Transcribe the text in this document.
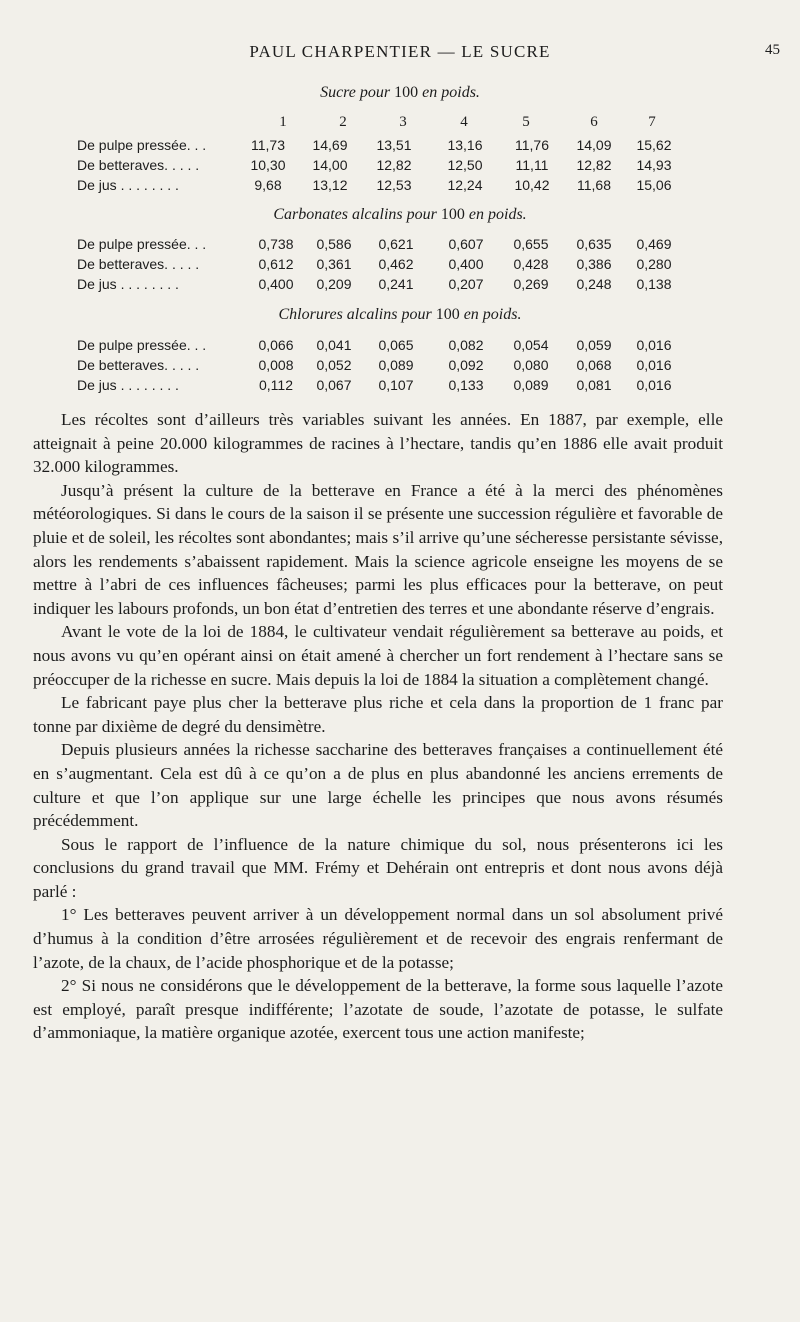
PAUL CHARPENTIER — LE SUCRE	45
Sucre pour 100 en poids.
1	2	3	4	5	6	7
De pulpe pressée. . .	11,73	14,69	13,51	13,16	11,76	14,09	15,62
De betteraves. . . . .	10,30	14,00	12,82	12,50	11,11	12,82	14,93
De jus . . . . . . . .	9,68	13,12	12,53	12,24	10,42	11,68	15,06
Carbonates alcalins pour 100 en poids.
De pulpe pressée. . .	0,738	0,586	0,621	0,607	0,655	0,635	0,469
De betteraves. . . . .	0,612	0,361	0,462	0,400	0,428	0,386	0,280
De jus . . . . . . . .	0,400	0,209	0,241	0,207	0,269	0,248	0,138
Chlorures alcalins pour 100 en poids.
De pulpe pressée. . .	0,066	0,041	0,065	0,082	0,054	0,059	0,016
De betteraves. . . . .	0,008	0,052	0,089	0,092	0,080	0,068	0,016
De jus . . . . . . . .	0,112	0,067	0,107	0,133	0,089	0,081	0,016

Les récoltes sont d’ailleurs très variables suivant les années. En 1887, par exemple, elle atteignait à peine 20.000 kilogrammes de racines à l’hectare, tandis qu’en 1886 elle avait produit 32.000 kilogrammes.

Jusqu’à présent la culture de la betterave en France a été à la merci des phénomènes météorologiques. Si dans le cours de la saison il se présente une succession régulière et favorable de pluie et de soleil, les récoltes sont abondantes; mais s’il arrive qu’une sécheresse persistante sévisse, alors les rendements s’abaissent rapidement. Mais la science agricole enseigne les moyens de se mettre à l’abri de ces influences fâcheuses; parmi les plus efficaces pour la betterave, on peut indiquer les labours profonds, un bon état d’entretien des terres et une abondante réserve d’engrais.

Avant le vote de la loi de 1884, le cultivateur vendait régulièrement sa betterave au poids, et nous avons vu qu’en opérant ainsi on était amené à chercher un fort rendement à l’hectare sans se préoccuper de la richesse en sucre. Mais depuis la loi de 1884 la situation a complètement changé.

Le fabricant paye plus cher la betterave plus riche et cela dans la proportion de 1 franc par tonne par dixième de degré du densimètre.

Depuis plusieurs années la richesse saccharine des betteraves françaises a continuellement été en s’augmentant. Cela est dû à ce qu’on a de plus en plus abandonné les anciens errements de culture et que l’on applique sur une large échelle les principes que nous avons résumés précédemment.

Sous le rapport de l’influence de la nature chimique du sol, nous présenterons ici les conclusions du grand travail que MM. Frémy et Dehérain ont entrepris et dont nous avons déjà parlé :

1° Les betteraves peuvent arriver à un développement normal dans un sol absolument privé d’humus à la condition d’être arrosées régulièrement et de recevoir des engrais renfermant de l’azote, de la chaux, de l’acide phosphorique et de la potasse;

2° Si nous ne considérons que le développement de la betterave, la forme sous laquelle l’azote est employé, paraît presque indifférente; l’azotate de soude, l’azotate de potasse, le sulfate d’ammoniaque, la matière organique azotée, exercent tous une action manifeste;
